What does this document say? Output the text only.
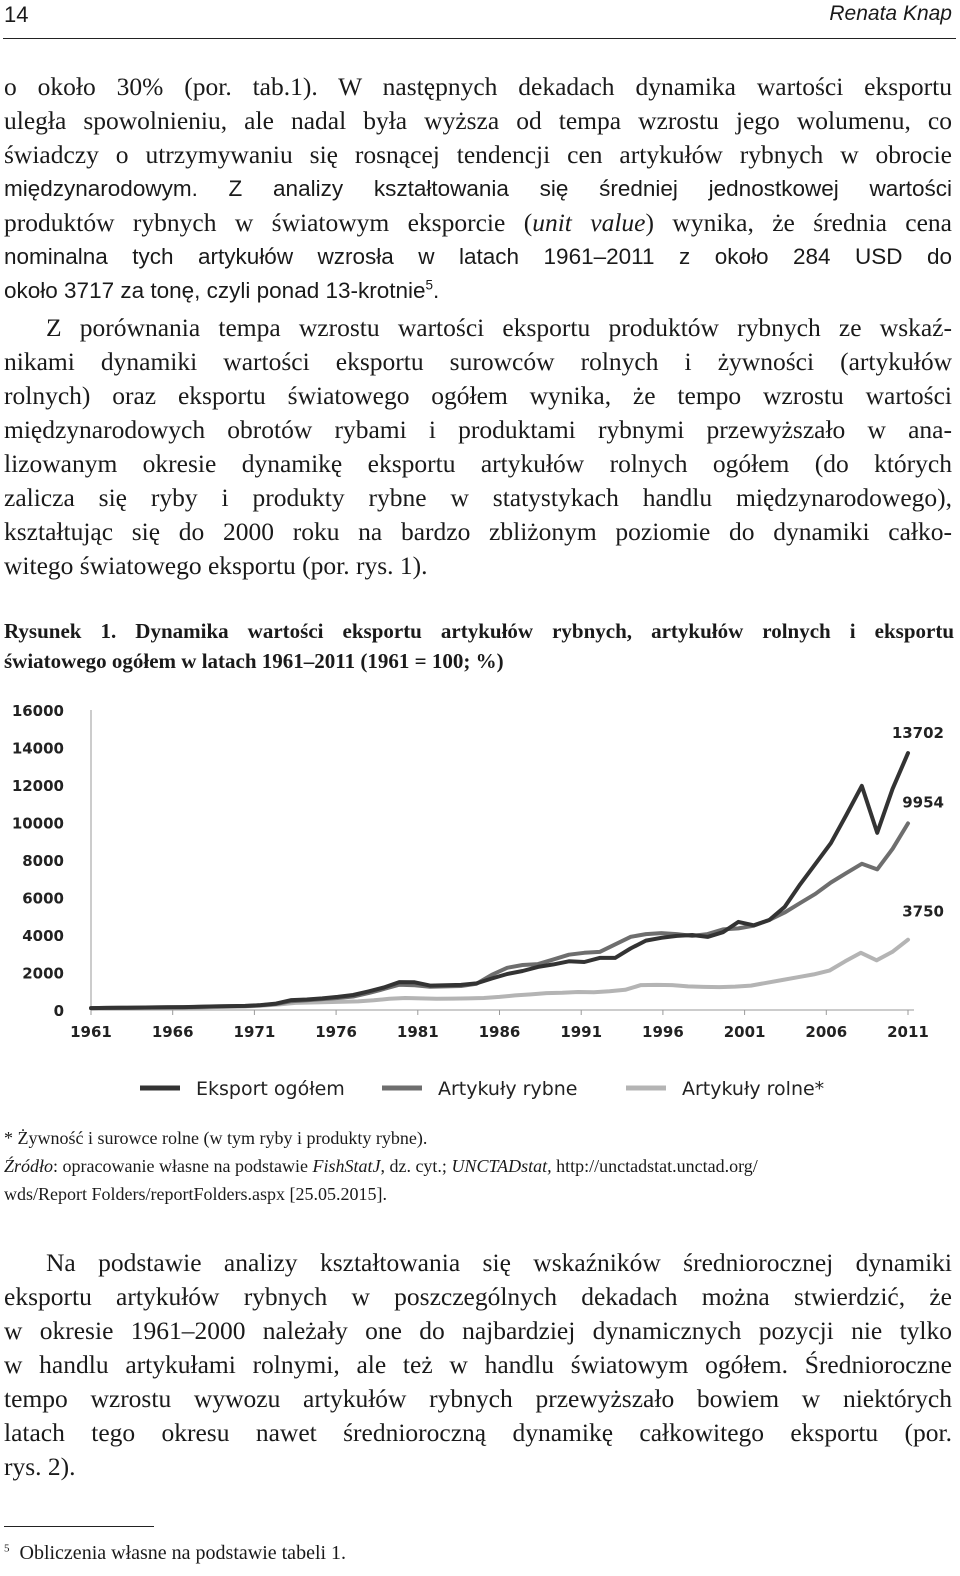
14	Renata Knap
o około 30% (por. tab.1). W następnych dekadach dynamika wartości eksportu
uległa spowolnieniu, ale nadal była wyższa od tempa wzrostu jego wolumenu, co
świadczy o utrzymywaniu się rosnącej tendencji cen artykułów rybnych w obrocie
międzynarodowym. Z analizy kształtowania się średniej jednostkowej wartości
produktów rybnych w światowym eksporcie (unit value) wynika, że średnia cena
nominalna tych artykułów wzrosła w latach 1961–2011 z około 284 USD do
około 3717 za tonę, czyli ponad 13-krotnie$^5$.
Z porównania tempa wzrostu wartości eksportu produktów rybnych ze wskaź-
nikami dynamiki wartości eksportu surowców rolnych i żywności (artykułów
rolnych) oraz eksportu światowego ogółem wynika, że tempo wzrostu wartości
międzynarodowych obrotów rybami i produktami rybnymi przewyższało w ana-
lizowanym okresie dynamikę eksportu artykułów rolnych ogółem (do których
zalicza się ryby i produkty rybne w statystykach handlu międzynarodowego),
kształtując się do 2000 roku na bardzo zbliżonym poziomie do dynamiki całko-
witego światowego eksportu (por. rys. 1).
Rysunek 1. Dynamika wartości eksportu artykułów rybnych, artykułów rolnych i eksportu
światowego ogółem w latach 1961–2011 (1961 = 100; %)
0
2000
4000
6000
8000
10000
12000
14000
16000
1961	1966	1971	1976	1981	1986	1991	1996	2001	2006	2011
3750
9954
13702
Eksport ogółem	Artykuły rybne	Artykuły rolne*
* Żywność i surowce rolne (w tym ryby i produkty rybne).
Źródło: opracowanie własne na podstawie FishStatJ, dz. cyt.; UNCTADstat, http://unctadstat.unctad.org/
wds/Report Folders/reportFolders.aspx [25.05.2015].
Na podstawie analizy kształtowania się wskaźników średniorocznej dynamiki
eksportu artykułów rybnych w poszczególnych dekadach można stwierdzić, że
w okresie 1961–2000 należały one do najbardziej dynamicznych pozycji nie tylko
w handlu artykułami rolnymi, ale też w handlu światowym ogółem. Średnioroczne
tempo wzrostu wywozu artykułów rybnych przewyższało bowiem w niektórych
latach tego okresu nawet średnioroczną dynamikę całkowitego eksportu (por.
rys. 2).
$^5$ Obliczenia własne na podstawie tabeli 1.
